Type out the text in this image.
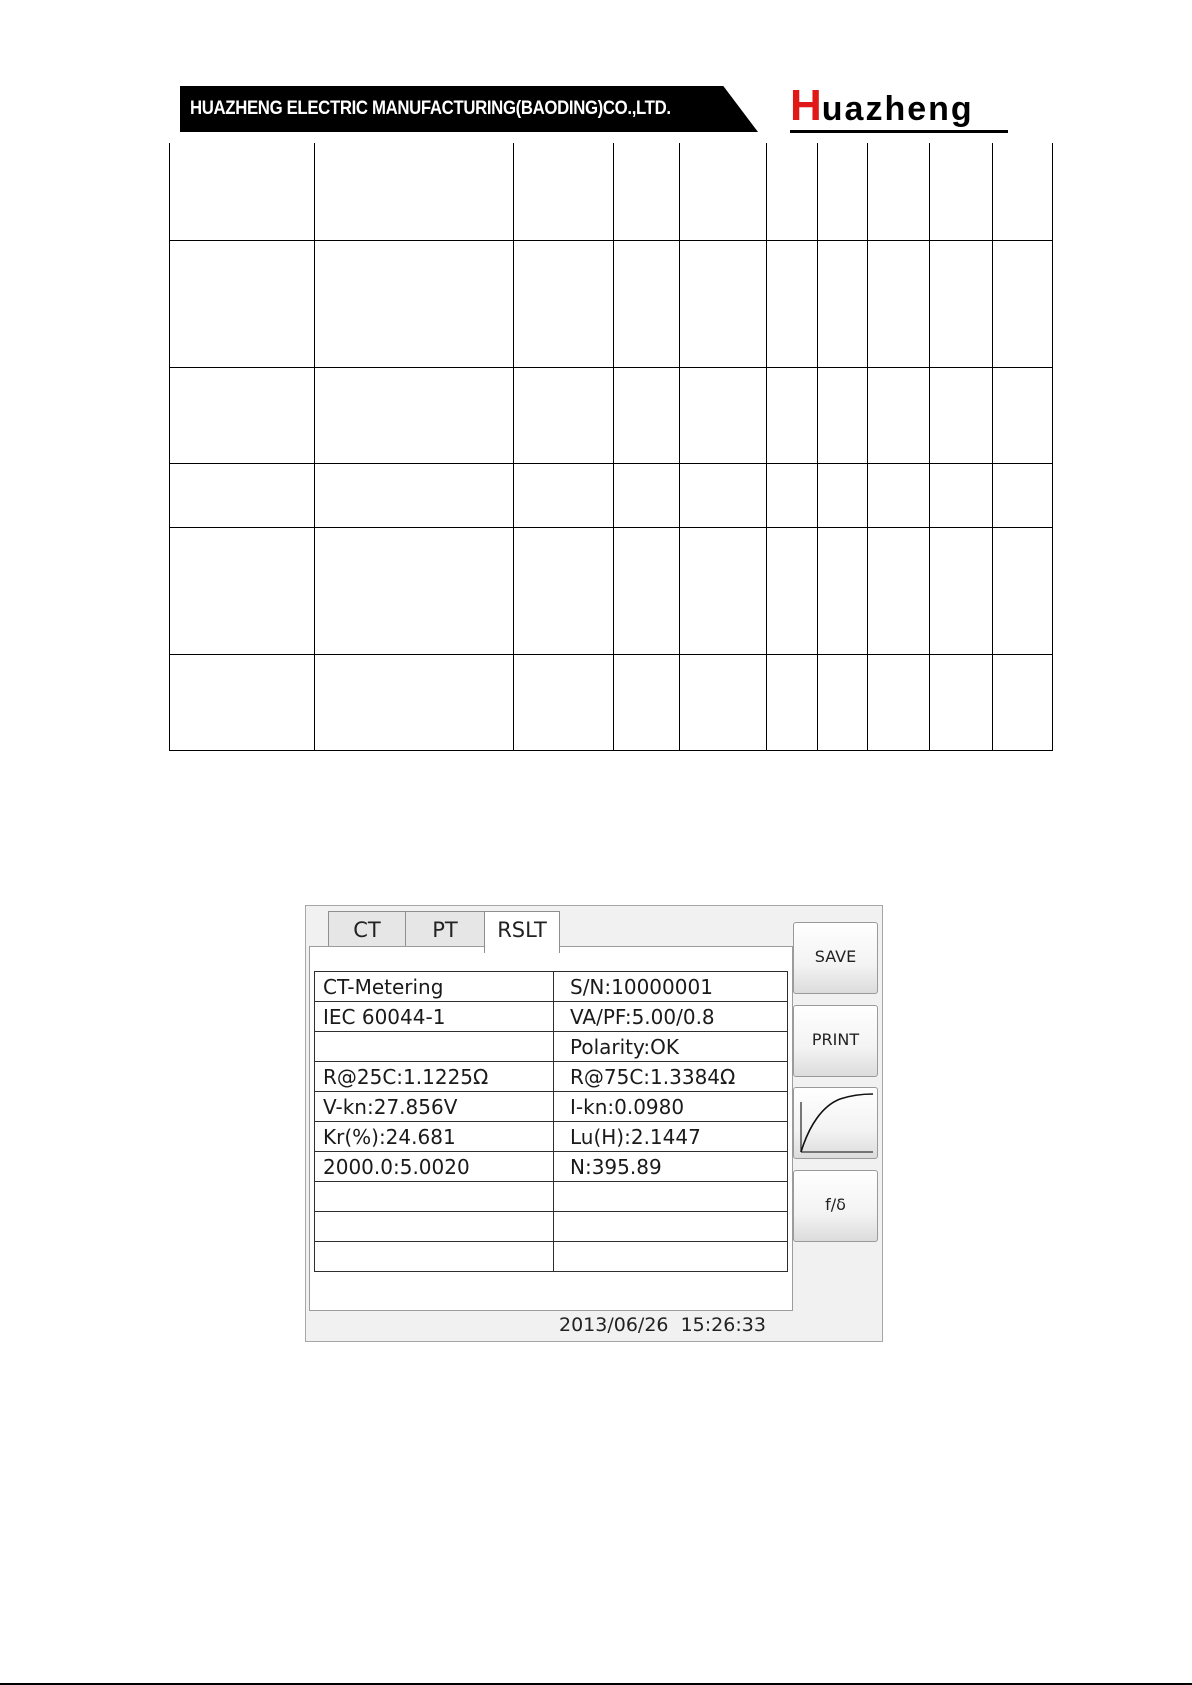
HUAZHENG ELECTRIC MANUFACTURING(BAODING)CO.,LTD.	Huazheng

CT	PT	RSLT
CT-Metering	S/N:10000001
IEC 60044-1	VA/PF:5.00/0.8
	Polarity:OK
R@25C:1.1225Ω	R@75C:1.3384Ω
V-kn:27.856V	I-kn:0.0980
Kr(%):24.681	Lu(H):2.1447
2000.0:5.0020	N:395.89

SAVE
PRINT
f/δ
2013/06/26  15:26:33
